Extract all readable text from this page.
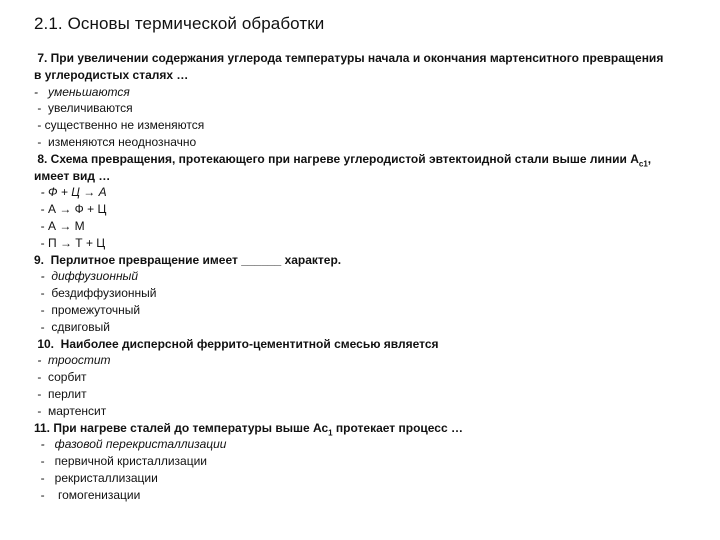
2.1. Основы термической обработки
7. При увеличении содержания углерода температуры начала и окончания мартенситного превращения
в углеродистых сталях …
-   уменьшаются
-  увеличиваются
- существенно не изменяются
-  изменяются неоднозначно
8. Схема превращения, протекающего при нагреве углеродистой эвтектоидной стали выше линии $А_{с1}$,
имеет вид …
- Ф + Ц → А
- А → Ф + Ц
- А → М
- П → Т + Ц
9.  Перлитное превращение имеет ______ характер.
-  диффузионный
-  бездиффузионный
-  промежуточный
-  сдвиговый
10.  Наиболее дисперсной феррито-цементитной смесью является
-  троостит
-  сорбит
-  перлит
-  мартенсит
11. При нагреве сталей до температуры выше $Ас_1$ протекает процесс …
-   фазовой перекристаллизации
-   первичной кристаллизации
-   рекристаллизации
-    гомогенизации
